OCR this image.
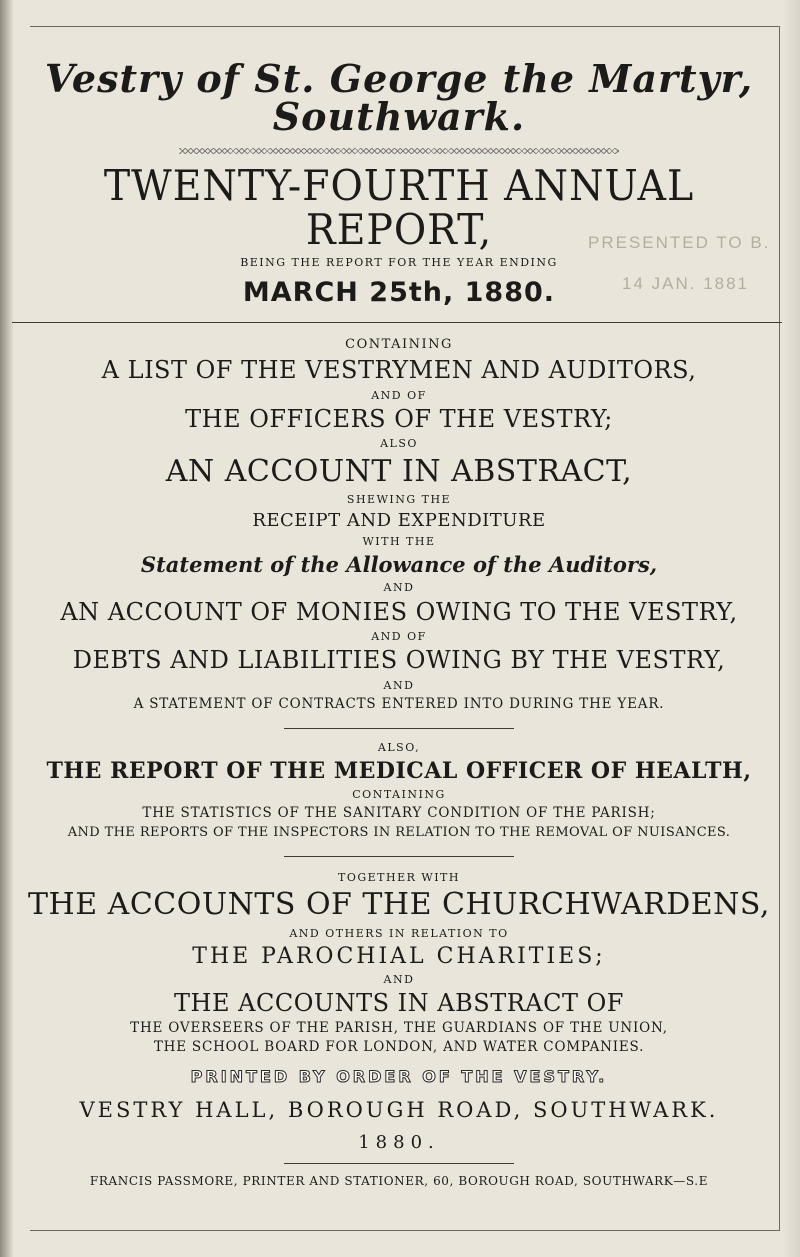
PRESENTED TO B.
14 JAN. 1881
Vestry of St. George the Martyr, Southwark.
TWENTY-FOURTH ANNUAL REPORT,
BEING THE REPORT FOR THE YEAR ENDING
MARCH 25th, 1880.
CONTAINING
A LIST OF THE VESTRYMEN AND AUDITORS,
AND OF
THE OFFICERS OF THE VESTRY;
ALSO
AN ACCOUNT IN ABSTRACT,
SHEWING THE
RECEIPT AND EXPENDITURE
WITH THE
Statement of the Allowance of the Auditors,
AND
AN ACCOUNT OF MONIES OWING TO THE VESTRY,
AND OF
DEBTS AND LIABILITIES OWING BY THE VESTRY,
AND
A STATEMENT OF CONTRACTS ENTERED INTO DURING THE YEAR.
ALSO,
THE REPORT OF THE MEDICAL OFFICER OF HEALTH,
CONTAINING
THE STATISTICS OF THE SANITARY CONDITION OF THE PARISH;
AND THE REPORTS OF THE INSPECTORS IN RELATION TO THE REMOVAL OF NUISANCES.
TOGETHER WITH
THE ACCOUNTS OF THE CHURCHWARDENS,
AND OTHERS IN RELATION TO
THE PAROCHIAL CHARITIES;
AND
THE ACCOUNTS IN ABSTRACT OF
THE OVERSEERS OF THE PARISH, THE GUARDIANS OF THE UNION,
THE SCHOOL BOARD FOR LONDON, AND WATER COMPANIES.
PRINTED BY ORDER OF THE VESTRY.
VESTRY HALL, BOROUGH ROAD, SOUTHWARK.
1880.
FRANCIS PASSMORE, PRINTER AND STATIONER, 60, BOROUGH ROAD, SOUTHWARK—S.E
